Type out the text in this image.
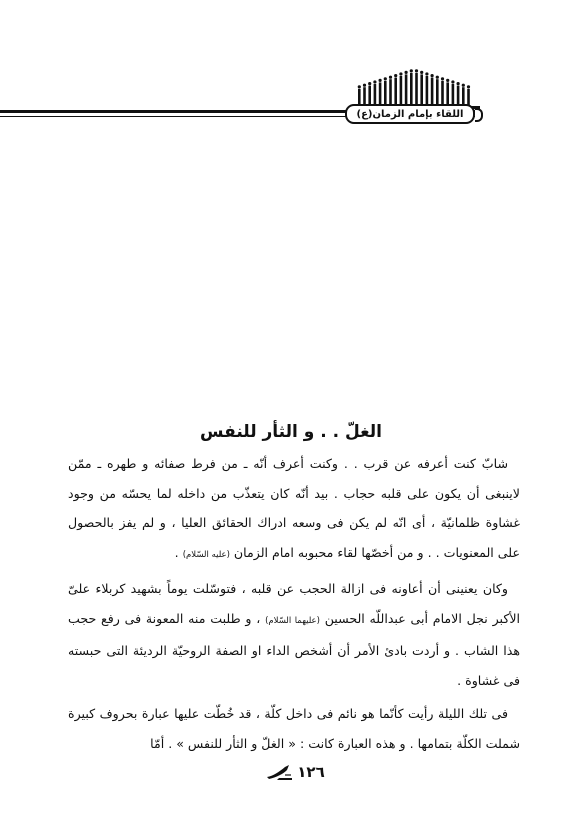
اللقاء بإمام الزمان(ع)
الغلّ . . و الثأر للنفس

شابّ كنت أعرفه عن قرب . . وكنت أعرف أنّه ـ من فرط صفائه و طهره ـ ممّن لاينبغى أن يكون على قلبه حجاب . بيد أنّه كان يتعذّب من داخله لما يحسّه من وجود غشاوة ظلمانيّة ، أى انّه لم يكن فى وسعه ادراك الحقائق العليا ، و لم يفز بالحصول على المعنويات . . و من أخصّها لقاء محبوبه امام الزمان (عليه السّلام) .

وكان يعنينى أن أعاونه فى ازالة الحجب عن قلبه ، فتوسّلت يوماً بشهيد كربلاء علىّ الأكبر نجل الامام أبى عبداللّه الحسين (عليهما السّلام) ، و طلبت منه المعونة فى رفع حجب هذا الشاب . و أردت بادئ الأمر أن أشخص الداء او الصفة الروحيّة الرديئة التى حبسته فى غشاوة .

فى تلك الليلة رأيت كأنّما هو نائم فى داخل كلّة ، قد خُطّت عليها عبارة بحروف كبيرة شملت الكلّة بتمامها . و هذه العبارة كانت : « الغلّ و الثأر للنفس » . أمّا

١٢٦
